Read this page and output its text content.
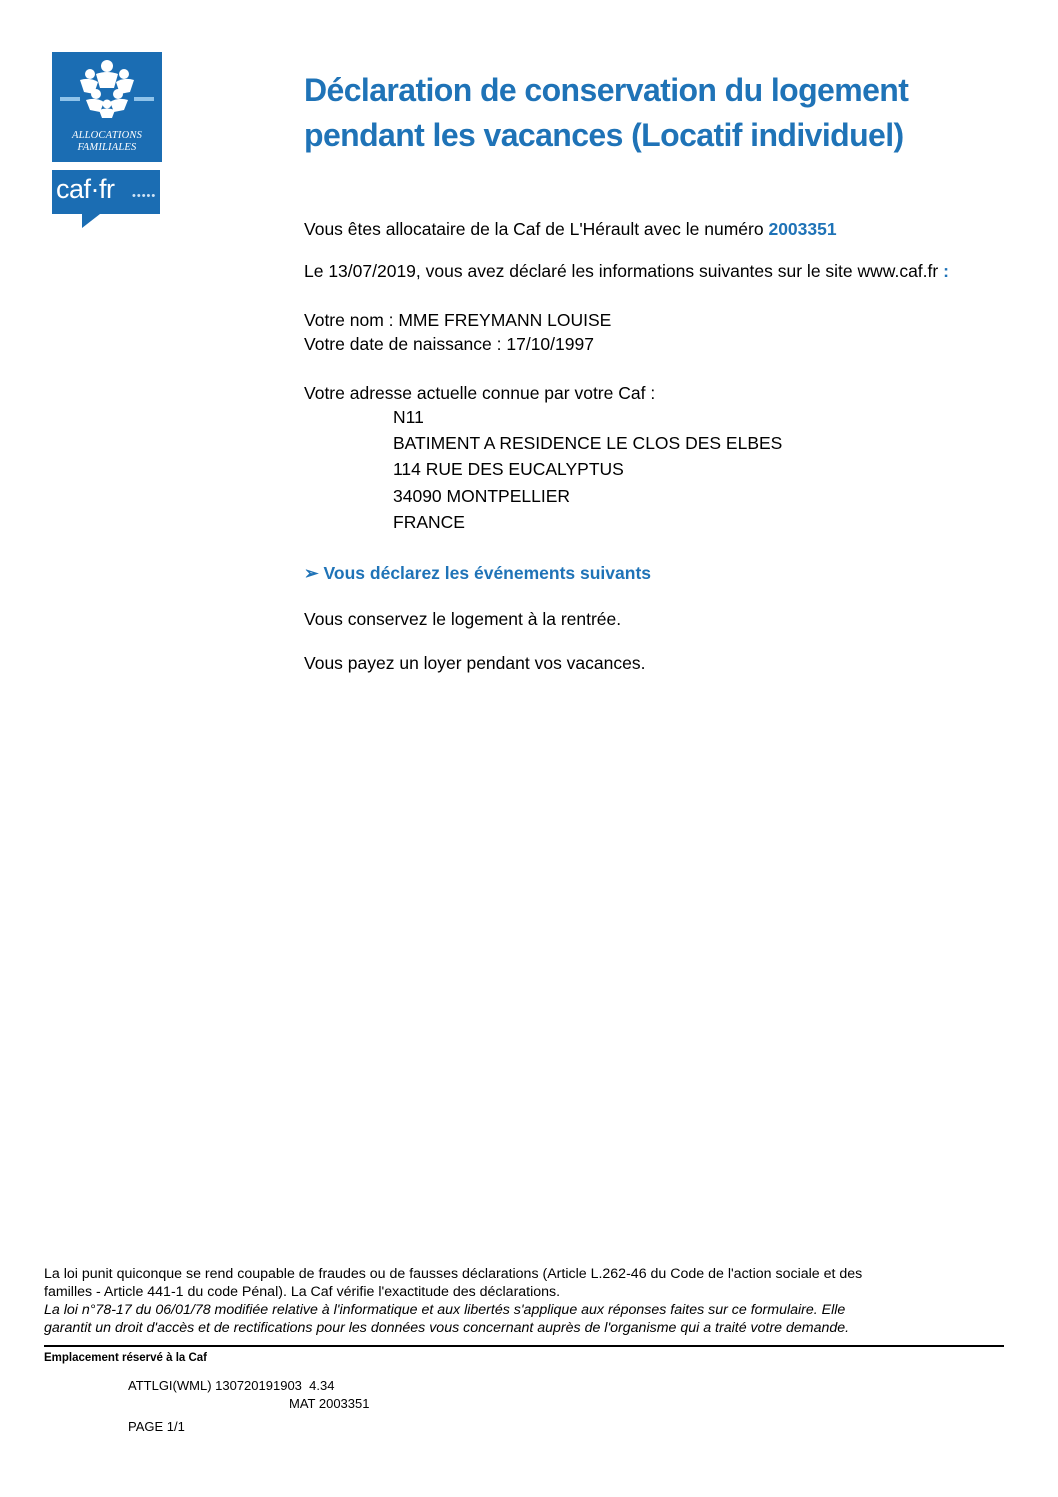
ALLOCATIONS
FAMILIALES
caf·fr •••••
Déclaration de conservation du logement
pendant les vacances (Locatif individuel)
Vous êtes allocataire de la Caf de L'Hérault avec le numéro 2003351
Le 13/07/2019, vous avez déclaré les informations suivantes sur le site www.caf.fr :
Votre nom : MME FREYMANN LOUISE
Votre date de naissance : 17/10/1997
Votre adresse actuelle connue par votre Caf :
N11
BATIMENT A RESIDENCE LE CLOS DES ELBES
114 RUE DES EUCALYPTUS
34090 MONTPELLIER
FRANCE
➢ Vous déclarez les événements suivants
Vous conservez le logement à la rentrée.
Vous payez un loyer pendant vos vacances.
La loi punit quiconque se rend coupable de fraudes ou de fausses déclarations (Article L.262-46 du Code de l'action sociale et des
familles - Article 441-1 du code Pénal). La Caf vérifie l'exactitude des déclarations.
La loi n°78-17 du 06/01/78 modifiée relative à l'informatique et aux libertés s'applique aux réponses faites sur ce formulaire. Elle
garantit un droit d'accès et de rectifications pour les données vous concernant auprès de l'organisme qui a traité votre demande.
Emplacement réservé à la Caf
ATTLGI(WML) 130720191903  4.34
MAT 2003351
PAGE 1/1
